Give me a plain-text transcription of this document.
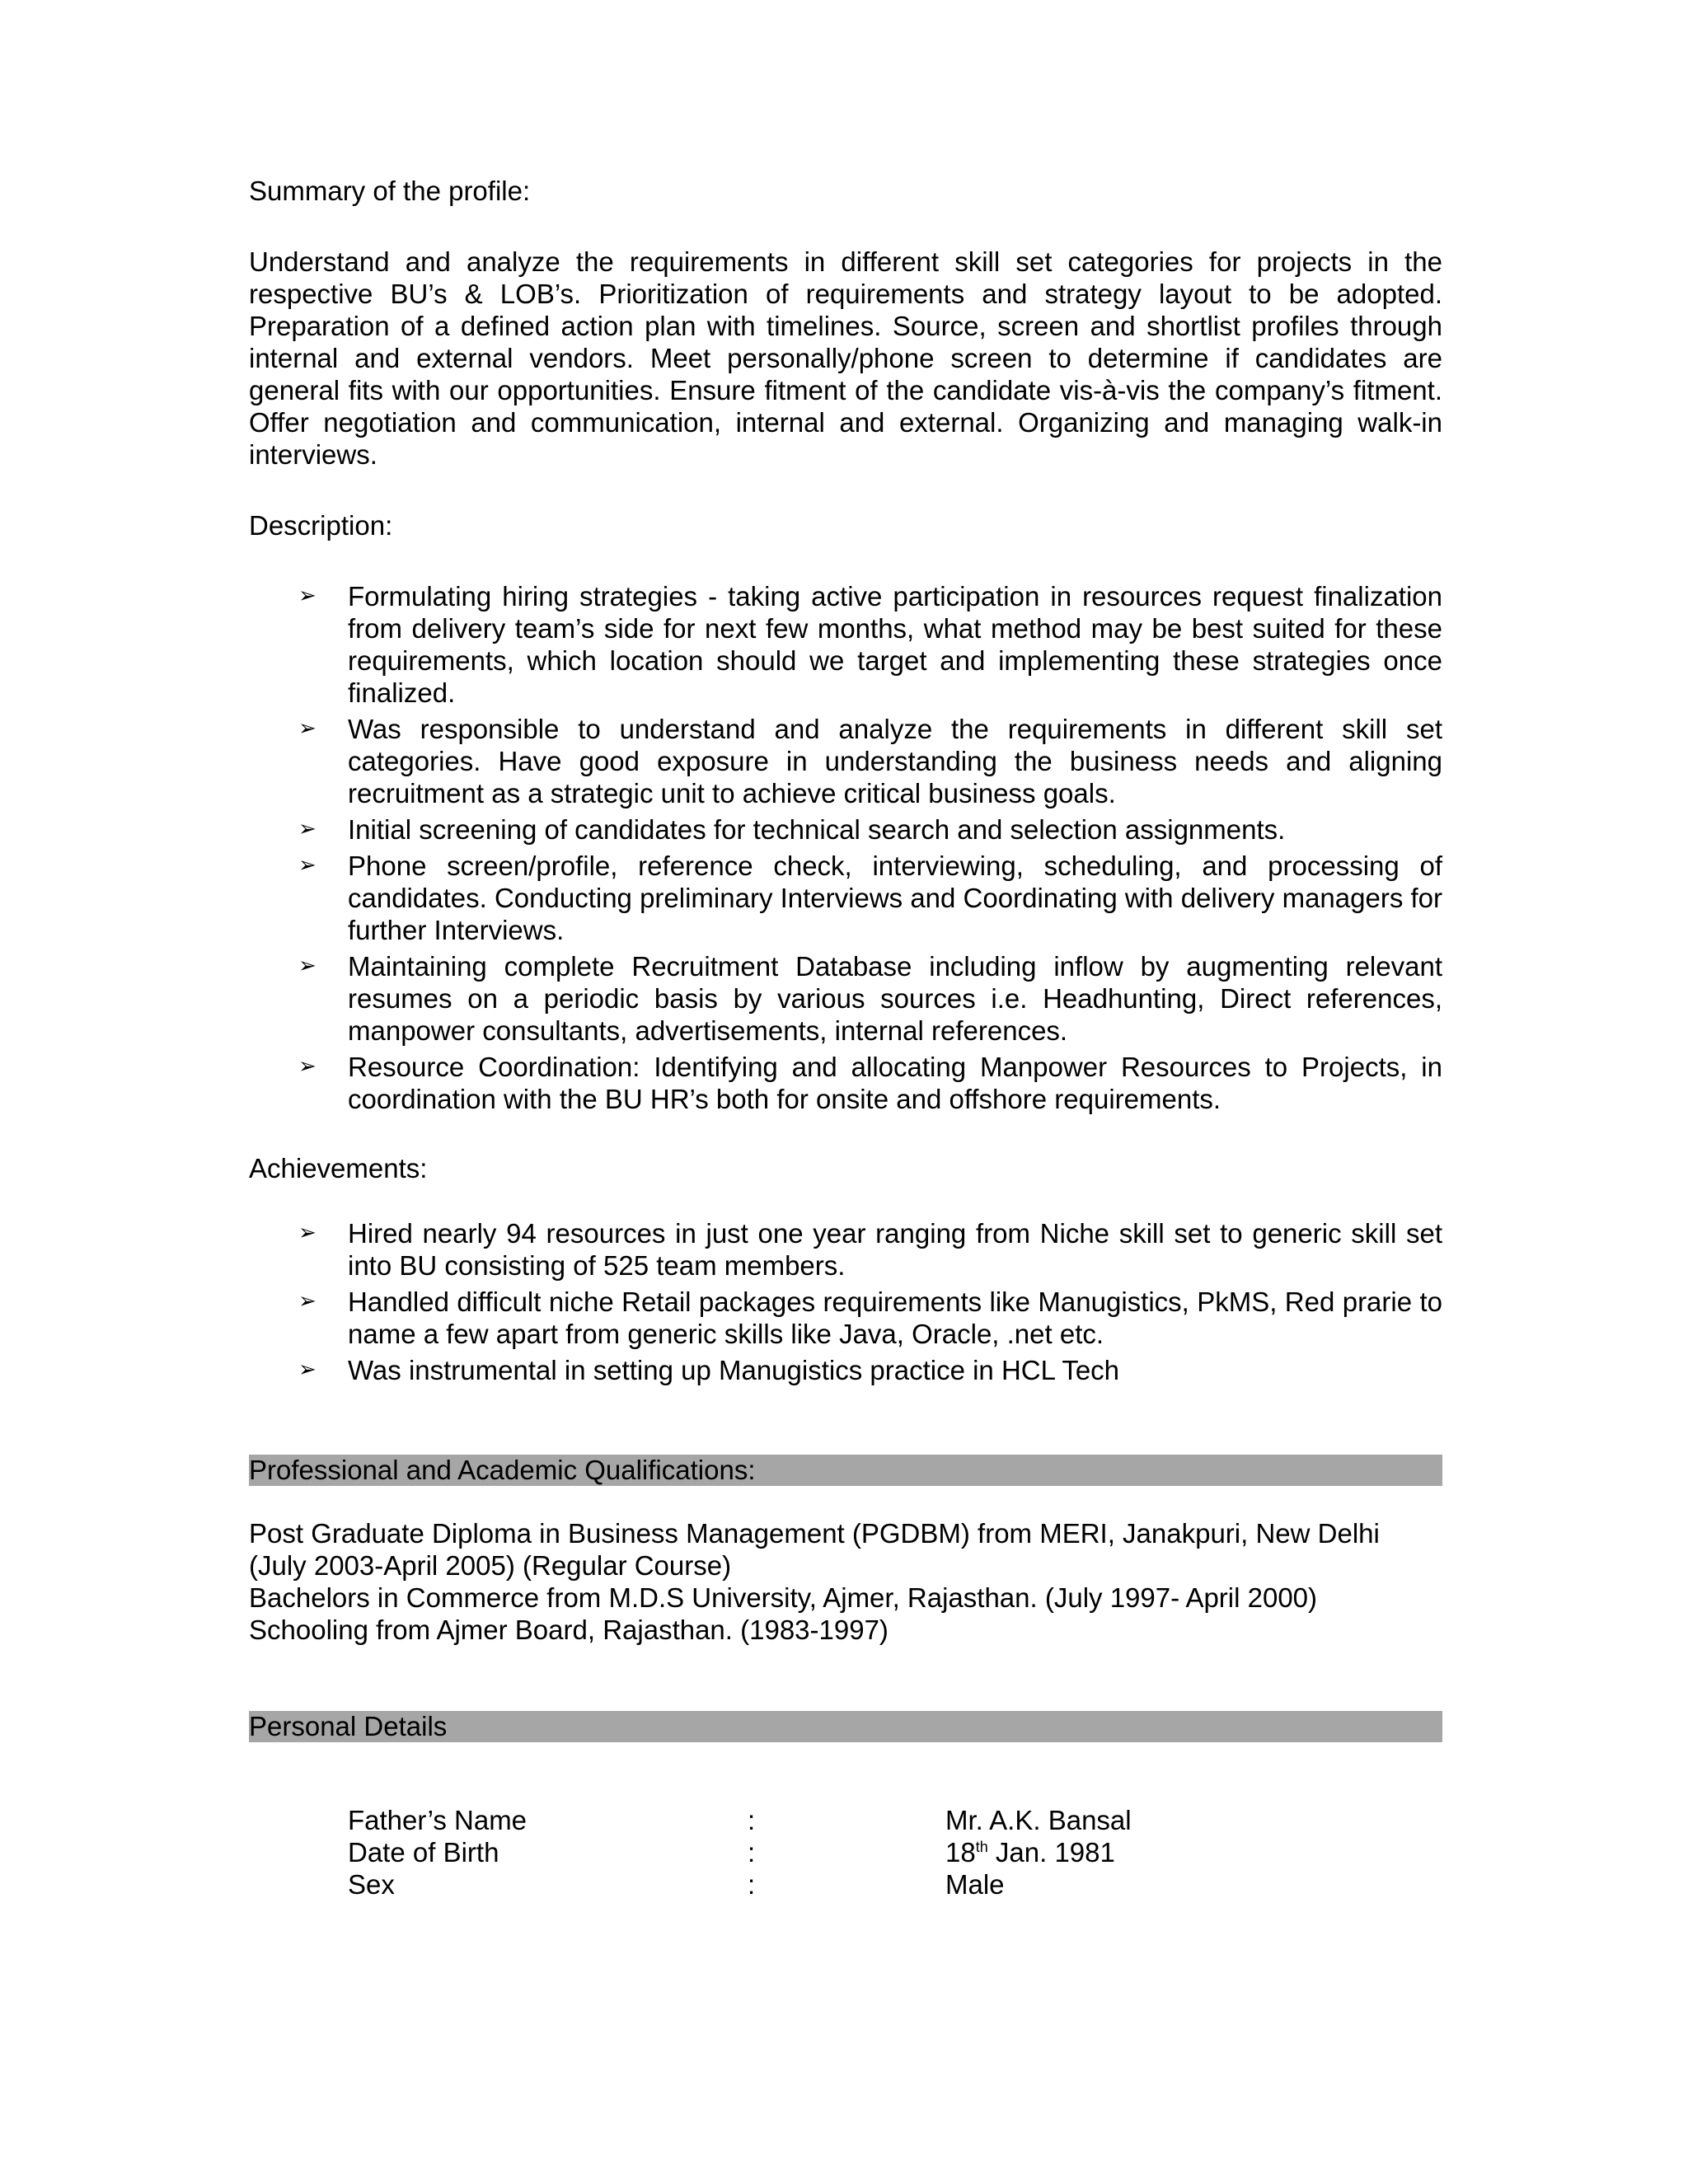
Summary of the profile:

Understand and analyze the requirements in different skill set categories for projects in the respective BU’s & LOB’s. Prioritization of requirements and strategy layout to be adopted. Preparation of a defined action plan with timelines. Source, screen and shortlist profiles through internal and external vendors. Meet personally/phone screen to determine if candidates are general fits with our opportunities. Ensure fitment of the candidate vis-à-vis the company’s fitment. Offer negotiation and communication, internal and external. Organizing and managing walk-in interviews.

Description:

➢ Formulating hiring strategies - taking active participation in resources request finalization from delivery team’s side for next few months, what method may be best suited for these requirements, which location should we target and implementing these strategies once finalized.
➢ Was responsible to understand and analyze the requirements in different skill set categories. Have good exposure in understanding the business needs and aligning recruitment as a strategic unit to achieve critical business goals.
➢ Initial screening of candidates for technical search and selection assignments.
➢ Phone screen/profile, reference check, interviewing, scheduling, and processing of candidates. Conducting preliminary Interviews and Coordinating with delivery managers for further Interviews.
➢ Maintaining complete Recruitment Database including inflow by augmenting relevant resumes on a periodic basis by various sources i.e. Headhunting, Direct references, manpower consultants, advertisements, internal references.
➢ Resource Coordination: Identifying and allocating Manpower Resources to Projects, in coordination with the BU HR’s both for onsite and offshore requirements.

Achievements:

➢ Hired nearly 94 resources in just one year ranging from Niche skill set to generic skill set into BU consisting of 525 team members.
➢ Handled difficult niche Retail packages requirements like Manugistics, PkMS, Red prarie to name a few apart from generic skills like Java, Oracle, .net etc.
➢ Was instrumental in setting up Manugistics practice in HCL Tech

Professional and Academic Qualifications:

Post Graduate Diploma in Business Management (PGDBM) from MERI, Janakpuri, New Delhi

(July 2003-April 2005) (Regular Course)

Bachelors in Commerce from M.D.S University, Ajmer, Rajasthan. (July 1997- April 2000)

Schooling from Ajmer Board, Rajasthan. (1983-1997)

Personal Details

Father’s Name	:	Mr. A.K. Bansal
Date of Birth	:	18th Jan. 1981
Sex	:	Male
